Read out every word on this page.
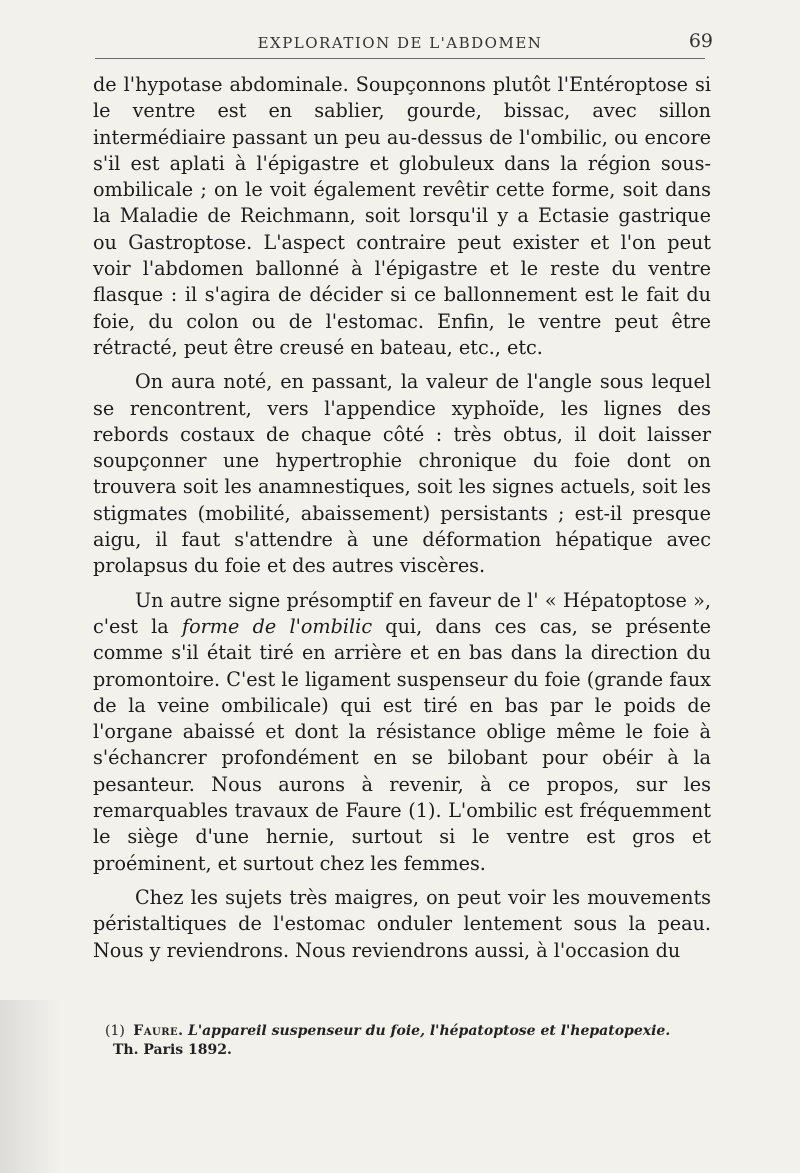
EXPLORATION DE L'ABDOMEN	69

de l'hypotase abdominale. Soupçonnons plutôt l'Entéroptose si le ventre est en sablier, gourde, bissac, avec sillon intermédiaire passant un peu au-dessus de l'ombilic, ou encore s'il est aplati à l'épigastre et globuleux dans la région sous-ombilicale ; on le voit également revêtir cette forme, soit dans la Maladie de Reichmann, soit lorsqu'il y a Ectasie gastrique ou Gastroptose. L'aspect contraire peut exister et l'on peut voir l'abdomen ballonné à l'épigastre et le reste du ventre flasque : il s'agira de décider si ce ballonnement est le fait du foie, du colon ou de l'estomac. Enfin, le ventre peut être rétracté, peut être creusé en bateau, etc., etc.

On aura noté, en passant, la valeur de l'angle sous lequel se rencontrent, vers l'appendice xyphoïde, les lignes des rebords costaux de chaque côté : très obtus, il doit laisser soupçonner une hypertrophie chronique du foie dont on trouvera soit les anamnestiques, soit les signes actuels, soit les stigmates (mobilité, abaissement) persistants ; est-il presque aigu, il faut s'attendre à une déformation hépatique avec prolapsus du foie et des autres viscères.

Un autre signe présomptif en faveur de l' « Hépatoptose », c'est la forme de l'ombilic qui, dans ces cas, se présente comme s'il était tiré en arrière et en bas dans la direction du promontoire. C'est le ligament suspenseur du foie (grande faux de la veine ombilicale) qui est tiré en bas par le poids de l'organe abaissé et dont la résistance oblige même le foie à s'échancrer profondément en se bilobant pour obéir à la pesanteur. Nous aurons à revenir, à ce propos, sur les remarquables travaux de Faure (1). L'ombilic est fréquemment le siège d'une hernie, surtout si le ventre est gros et proéminent, et surtout chez les femmes.

Chez les sujets très maigres, on peut voir les mouvements péristaltiques de l'estomac onduler lentement sous la peau. Nous y reviendrons. Nous reviendrons aussi, à l'occasion du

(1) Faure. L'appareil suspenseur du foie, l'hépatoptose et l'hepatopexie.
Th. Paris 1892.
